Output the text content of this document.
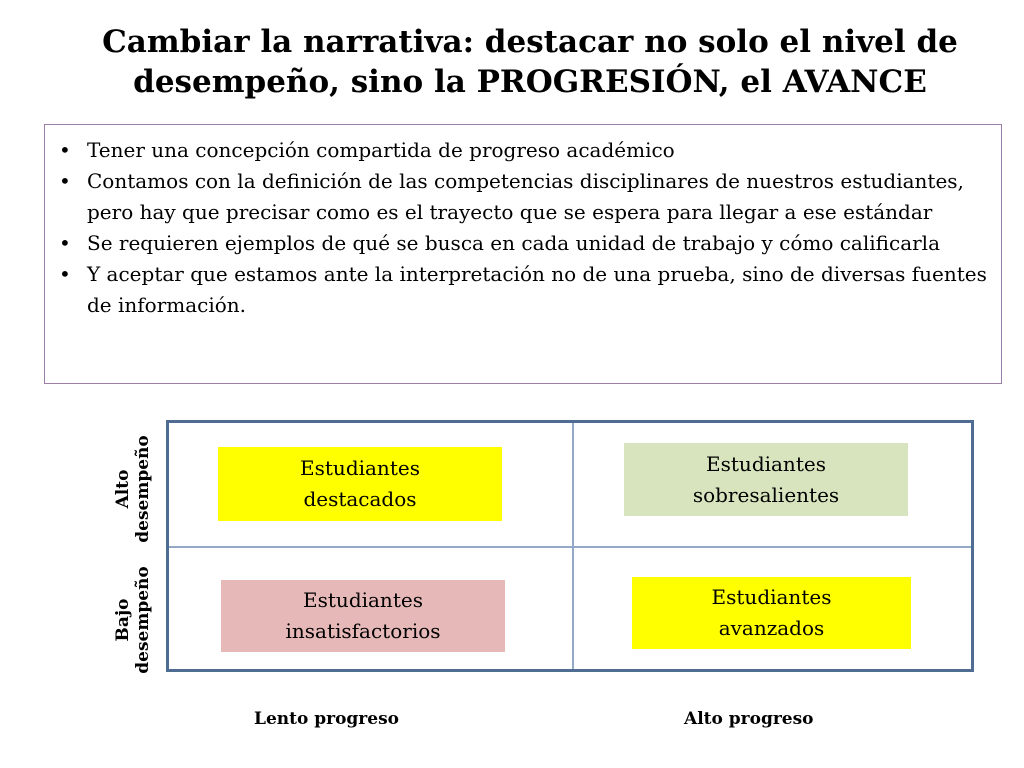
Cambiar la narrativa: destacar no solo el nivel de
desempeño, sino la PROGRESIÓN, el AVANCE
• Tener una concepción compartida de progreso académico
• Contamos con la definición de las competencias disciplinares de nuestros estudiantes, pero hay que precisar como es el trayecto que se espera para llegar a ese estándar
• Se requieren ejemplos de qué se busca en cada unidad de trabajo y cómo calificarla
• Y aceptar que estamos ante la interpretación no de una prueba, sino de diversas fuentes de información.
Estudiantes
destacados
Estudiantes
sobresalientes
Estudiantes
insatisfactorios
Estudiantes
avanzados
Alto desempeño
Bajo desempeño
Lento progreso	Alto progreso
